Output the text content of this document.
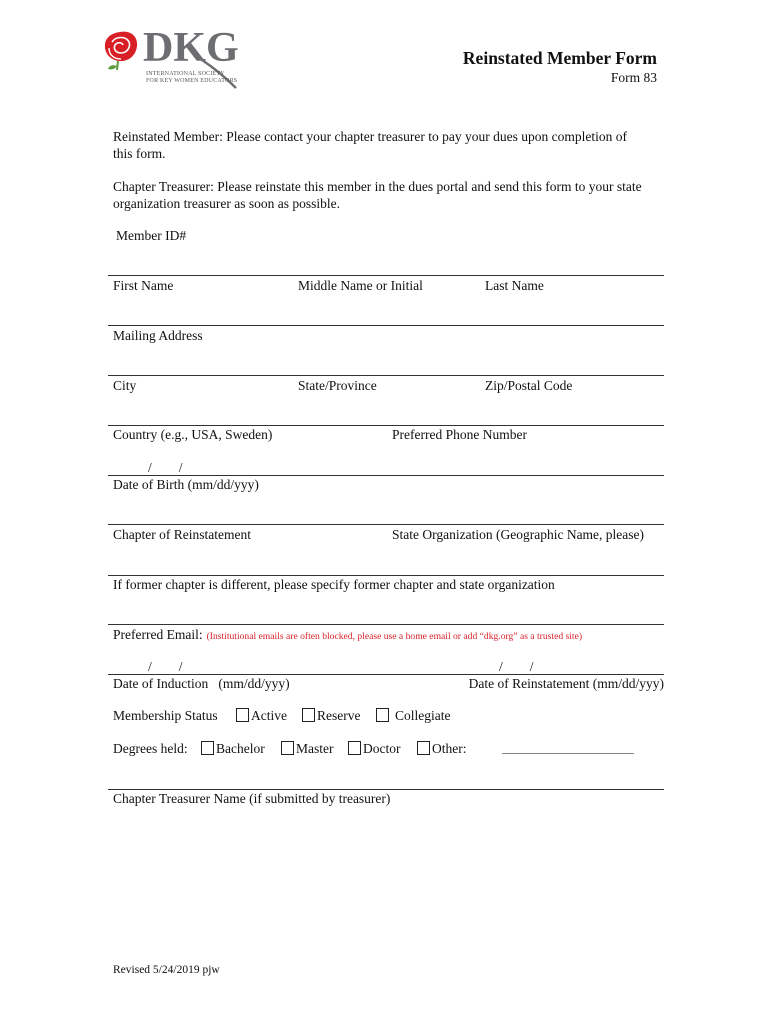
DKG
INTERNATIONAL SOCIETY
FOR KEY WOMEN EDUCATORS
Reinstated Member Form
Form 83
Reinstated Member: Please contact your chapter treasurer to pay your dues upon completion of
this form.
Chapter Treasurer: Please reinstate this member in the dues portal and send this form to your state
organization treasurer as soon as possible.
Member ID#
First Name	Middle Name or Initial	Last Name
Mailing Address
City	State/Province	Zip/Postal Code
Country (e.g., USA, Sweden)	Preferred Phone Number
/        /
Date of Birth (mm/dd/yyy)
Chapter of Reinstatement	State Organization (Geographic Name, please)
If former chapter is different, please specify former chapter and state organization
Preferred Email: (Institutional emails are often blocked, please use a home email or add “dkg.org” as a trusted site)
/        /	/        /
Date of Induction   (mm/dd/yyy)	Date of Reinstatement (mm/dd/yyy)
Membership Status Active Reserve	Collegiate
Degrees held: Bachelor Master Doctor Other:	________________________
Chapter Treasurer Name (if submitted by treasurer)
Revised 5/24/2019 pjw
